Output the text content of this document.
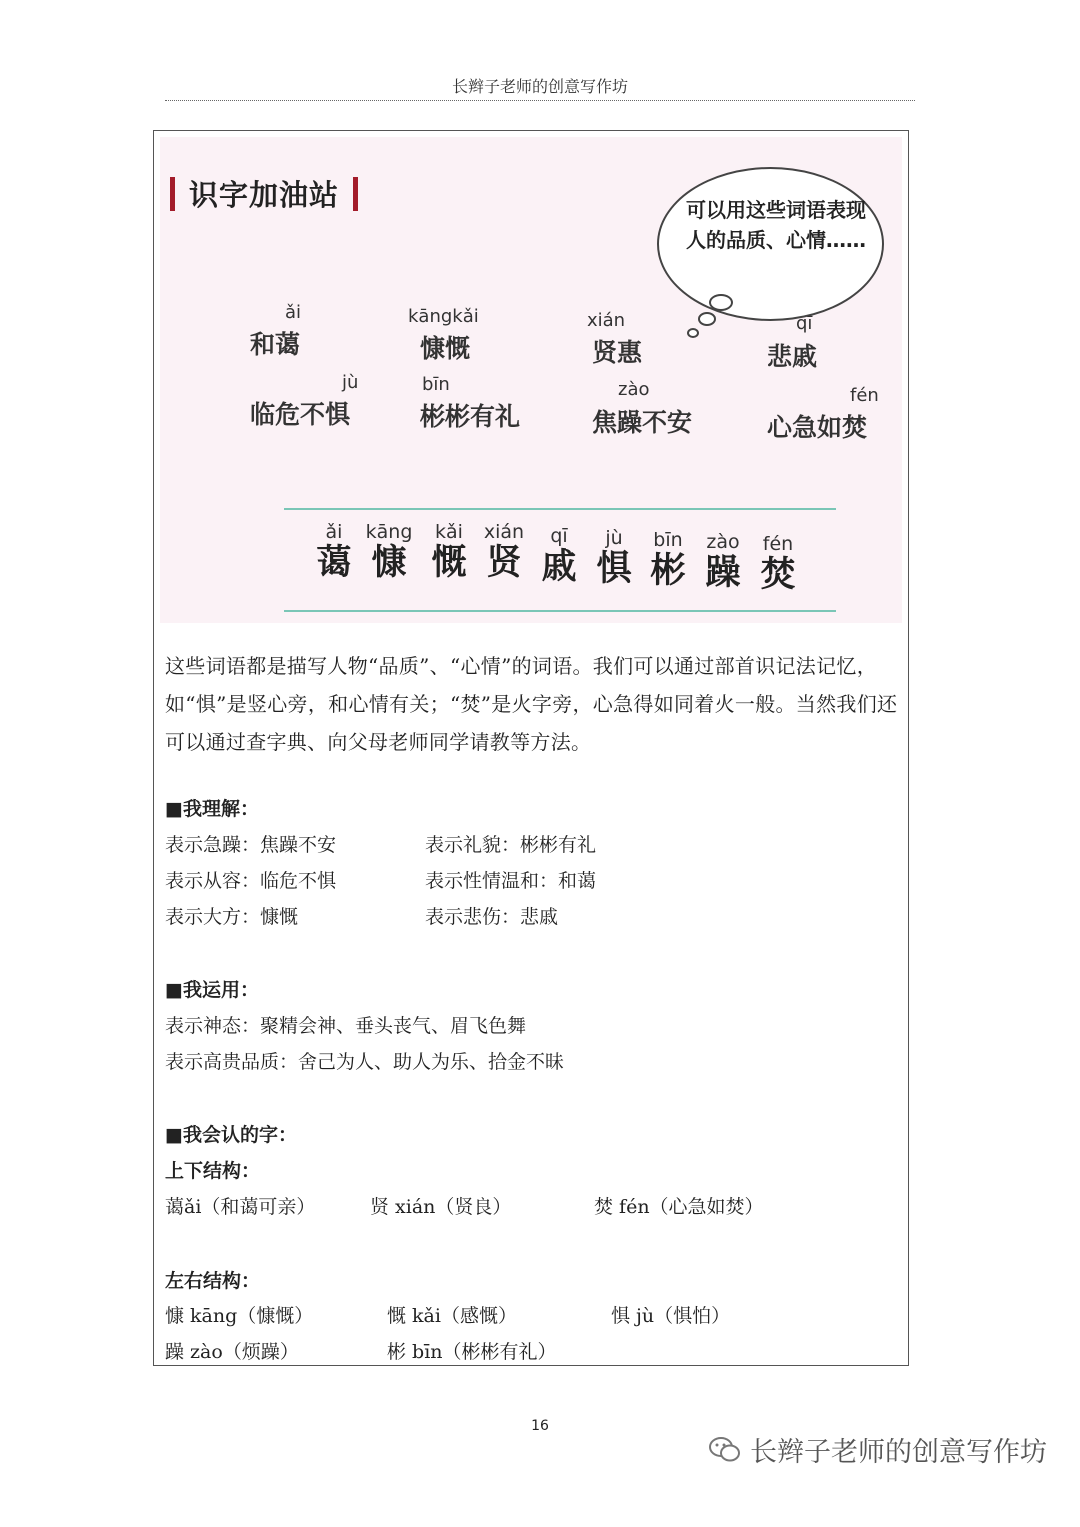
长辫子老师的创意写作坊
识字加油站	可以用这些词语表现人的品质、心情……
ǎi
和蔼
kāngkǎi
慷慨
xián
贤惠
qī
悲戚
jù
临危不惧
bīn
彬彬有礼
zào
焦躁不安
fén
心急如焚
ǎi
蔼
kāng
慷
kǎi
慨
xián
贤
qī
戚
jù
惧
bīn
彬
zào
躁
fén
焚
这些词语都是描写人物“品质”、“心情”的词语。我们可以通过部首识记法记忆，如“惧”是竖心旁，和心情有关；“焚”是火字旁，心急得如同着火一般。当然我们还可以通过查字典、向父母老师同学请教等方法。
■我理解：
表示急躁：焦躁不安	表示礼貌：彬彬有礼
表示从容：临危不惧	表示性情温和：和蔼
表示大方：慷慨	表示悲伤：悲戚
■我运用：
表示神态：聚精会神、垂头丧气、眉飞色舞
表示高贵品质：舍己为人、助人为乐、拾金不昧
■我会认的字：
上下结构：
蔼ǎi（和蔼可亲）	贤 xián（贤良）	焚 fén（心急如焚）
左右结构：
慷 kāng（慷慨）	慨 kǎi（感慨）	惧 jù（惧怕）
躁 zào（烦躁）	彬 bīn（彬彬有礼）
16
长辫子老师的创意写作坊
